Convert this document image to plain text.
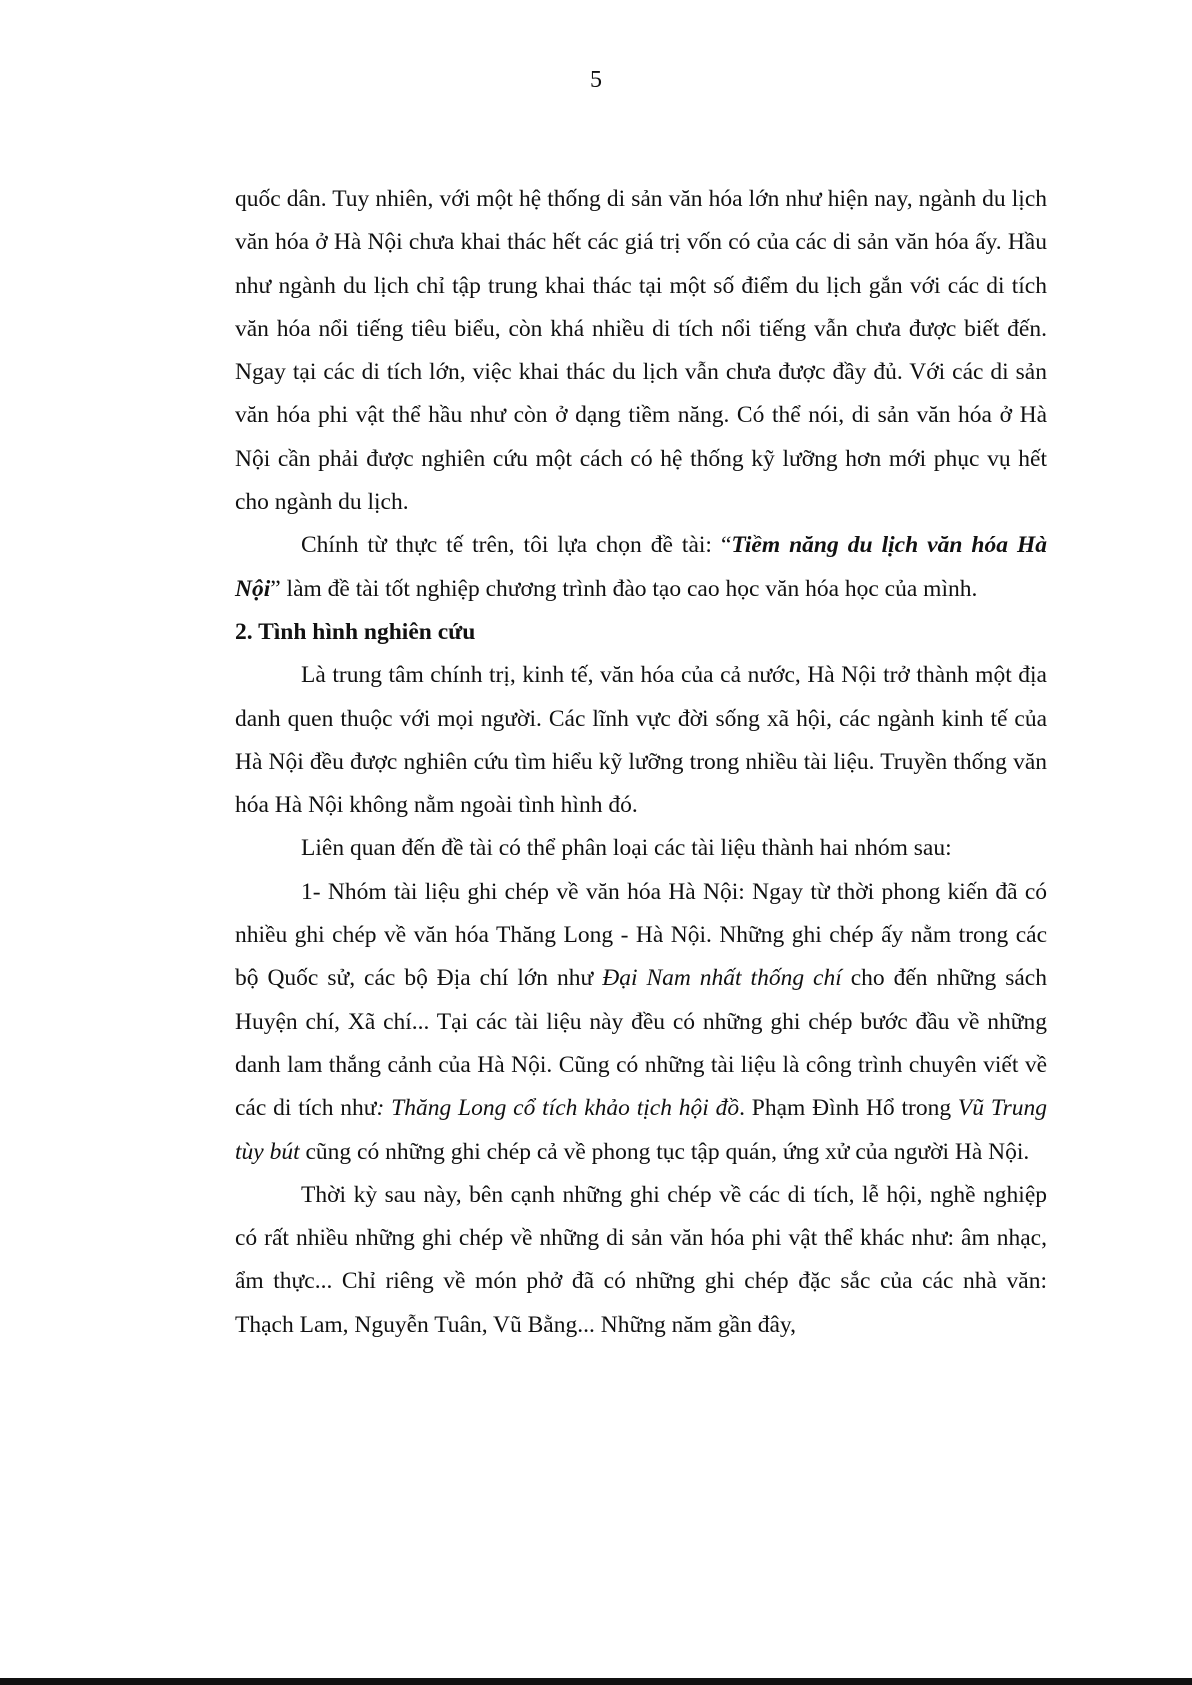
5

quốc dân. Tuy nhiên, với một hệ thống di sản văn hóa lớn như hiện nay, ngành du lịch văn hóa ở Hà Nội chưa khai thác hết các giá trị vốn có của các di sản văn hóa ấy. Hầu như ngành du lịch chỉ tập trung khai thác tại một số điểm du lịch gắn với các di tích văn hóa nổi tiếng tiêu biểu, còn khá nhiều di tích nổi tiếng vẫn chưa được biết đến. Ngay tại các di tích lớn, việc khai thác du lịch vẫn chưa được đầy đủ. Với các di sản văn hóa phi vật thể hầu như còn ở dạng tiềm năng. Có thể nói, di sản văn hóa ở Hà Nội cần phải được nghiên cứu một cách có hệ thống kỹ lưỡng hơn mới phục vụ hết cho ngành du lịch.

Chính từ thực tế trên, tôi lựa chọn đề tài: “Tiềm năng du lịch văn hóa Hà Nội” làm đề tài tốt nghiệp chương trình đào tạo cao học văn hóa học của mình.

2. Tình hình nghiên cứu

Là trung tâm chính trị, kinh tế, văn hóa của cả nước, Hà Nội trở thành một địa danh quen thuộc với mọi người. Các lĩnh vực đời sống xã hội, các ngành kinh tế của Hà Nội đều được nghiên cứu tìm hiểu kỹ lưỡng trong nhiều tài liệu. Truyền thống văn hóa Hà Nội không nằm ngoài tình hình đó.

Liên quan đến đề tài có thể phân loại các tài liệu thành hai nhóm sau:

1- Nhóm tài liệu ghi chép về văn hóa Hà Nội: Ngay từ thời phong kiến đã có nhiều ghi chép về văn hóa Thăng Long - Hà Nội. Những ghi chép ấy nằm trong các bộ Quốc sử, các bộ Địa chí lớn như Đại Nam nhất thống chí cho đến những sách Huyện chí, Xã chí... Tại các tài liệu này đều có những ghi chép bước đầu về những danh lam thắng cảnh của Hà Nội. Cũng có những tài liệu là công trình chuyên viết về các di tích như: Thăng Long cổ tích khảo tịch hội đồ. Phạm Đình Hổ trong Vũ Trung tùy bút cũng có những ghi chép cả về phong tục tập quán, ứng xử của người Hà Nội.

Thời kỳ sau này, bên cạnh những ghi chép về các di tích, lễ hội, nghề nghiệp có rất nhiều những ghi chép về những di sản văn hóa phi vật thể khác như: âm nhạc, ẩm thực... Chỉ riêng về món phở đã có những ghi chép đặc sắc của các nhà văn: Thạch Lam, Nguyễn Tuân, Vũ Bằng... Những năm gần đây,
